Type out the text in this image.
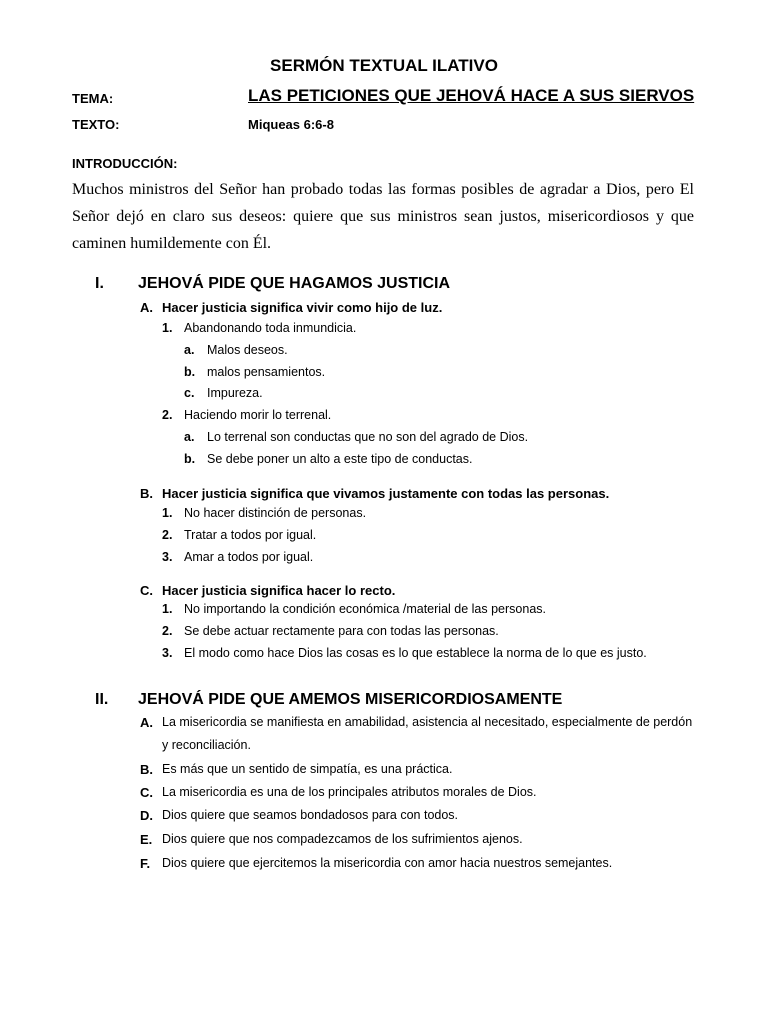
SERMÓN TEXTUAL ILATIVO
TEMA:	LAS PETICIONES QUE JEHOVÁ HACE A SUS SIERVOS
TEXTO:	Miqueas 6:6-8
INTRODUCCIÓN:
Muchos ministros del Señor han probado todas las formas posibles de agradar a Dios, pero El Señor dejó en claro sus deseos: quiere que sus ministros sean justos, misericordiosos y que caminen humildemente con Él.
I. JEHOVÁ PIDE QUE HAGAMOS JUSTICIA
A. Hacer justicia significa vivir como hijo de luz.
1. Abandonando toda inmundicia.
a. Malos deseos.
b. malos pensamientos.
c. Impureza.
2. Haciendo morir lo terrenal.
a. Lo terrenal son conductas que no son del agrado de Dios.
b. Se debe poner un alto a este tipo de conductas.
B. Hacer justicia significa que vivamos justamente con todas las personas.
1. No hacer distinción de personas.
2. Tratar a todos por igual.
3. Amar a todos por igual.
C. Hacer justicia significa hacer lo recto.
1. No importando la condición económica /material de las personas.
2. Se debe actuar rectamente para con todas las personas.
3. El modo como hace Dios las cosas es lo que establece la norma de lo que es justo.
II. JEHOVÁ PIDE QUE AMEMOS MISERICORDIOSAMENTE
A. La misericordia se manifiesta en amabilidad, asistencia al necesitado, especialmente de perdón y reconciliación.
B. Es más que un sentido de simpatía, es una práctica.
C. La misericordia es una de los principales atributos morales de Dios.
D. Dios quiere que seamos bondadosos para con todos.
E. Dios quiere que nos compadezcamos de los sufrimientos ajenos.
F. Dios quiere que ejercitemos la misericordia con amor hacia nuestros semejantes.
